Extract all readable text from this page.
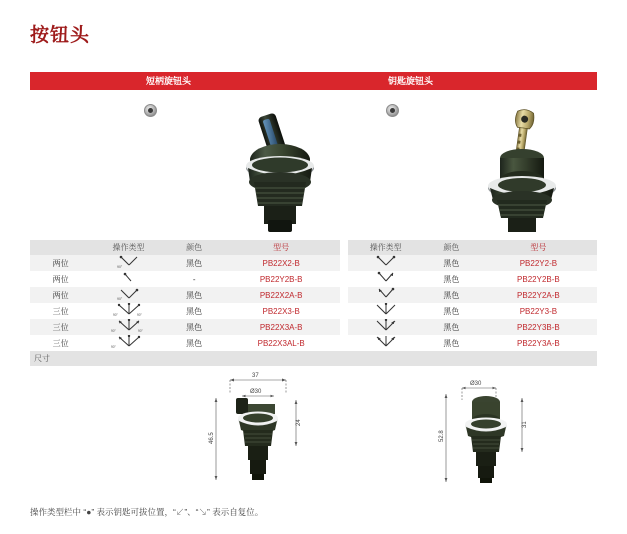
按钮头
短柄旋钮头	钥匙旋钮头
	操作类型	颜色	型号		操作类型	颜色	型号
两位	90°	黑色	PB22X2-B			黑色	PB22Y2-B
两位		-	PB22Y2B-B			黑色	PB22Y2B-B
两位	90°	黑色	PB22X2A-B			黑色	PB22Y2A-B
三位	90° 90°	黑色	PB22X3-B			黑色	PB22Y3-B
三位	90° 90°	黑色	PB22X3A-B			黑色	PB22Y3B-B
三位	90°	黑色	PB22X3AL-B			黑色	PB22Y3A-B
尺寸							
37
Ø30
46.5
24
Ø30
52.8
31
操作类型栏中 “●” 表示钥匙可拔位置，“↙”、“↘” 表示自复位。
